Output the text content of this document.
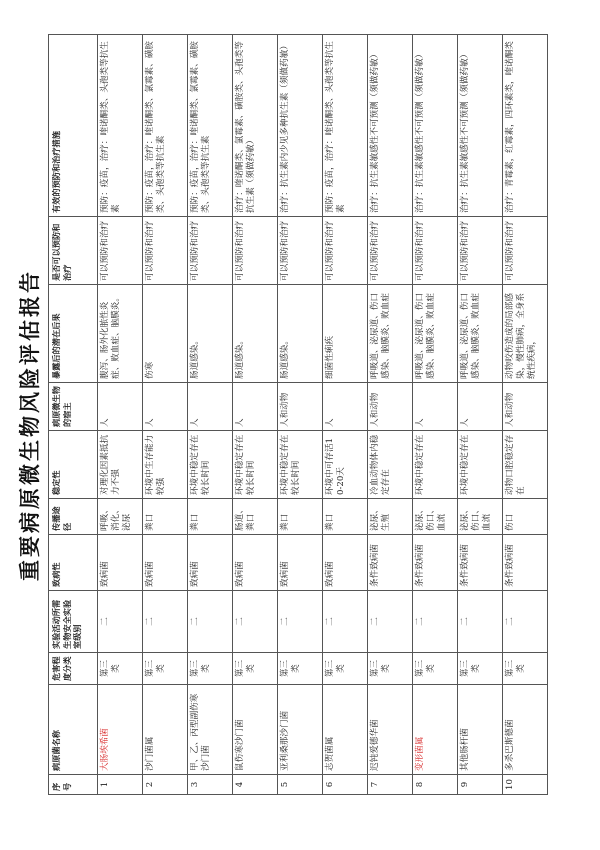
重要病原微生物风险评估报告
序号	病原菌名称	危害程度分类	实验活动所需生物安全实验室级别	致病性	传播途径	稳定性	病原微生物的宿主	暴露后的潜在后果	是否可以预防和治疗	有效的预防和治疗措施
1	大肠埃希菌	第三类	二	致病菌	呼吸、消化、泌尿	对理化因素抵抗力不强	人	腹泻、肠外化脓性炎症、败血症、脑膜炎。	可以预防和治疗	预防：疫苗，治疗：喹诺酮类、头孢类等抗生素
2	沙门菌属	第三类	二	致病菌	粪口	环境中生存能力较强	人	伤寒	可以预防和治疗	预防：疫苗，治疗：喹诺酮类、氯霉素、磺胺类、头孢类等抗生素
3	甲、乙、丙型副伤寒沙门菌	第三类	二	致病菌	粪口	环境中稳定存在较长时间	人	肠道感染。	可以预防和治疗	预防：疫苗，治疗：喹诺酮类、氯霉素、磺胺类、头孢类等抗生素
4	鼠伤寒沙门菌	第三类	二	致病菌	肠道、粪口	环境中稳定存在较长时间	人	肠道感染。	可以预防和治疗	治疗：喹诺酮类、氯霉素、磺胺类、头孢类等抗生素（须做药敏）
5	亚利桑那沙门菌	第三类	二	致病菌	粪口	环境中稳定存在较长时间	人和动物	肠道感染。	可以预防和治疗	治疗：抗生素内少见多种抗生素（须做药敏）
6	志贺菌属	第三类	二	致病菌	粪口	环境中可存活10-20天	人	细菌性痢疾	可以预防和治疗	预防：疫苗，治疗：喹诺酮类、头孢类等抗生素
7	迟钝爱德华菌	第三类	二	条件致病菌	泌尿、生殖	冷血动物体内稳定存在	人和动物	呼吸道、泌尿道、伤口感染、脑膜炎、败血症	可以预防和治疗	治疗：抗生素敏感性不可预测（须做药敏）
8	变形菌属	第三类	二	条件致病菌	泌尿、伤口、血流	环境中稳定存在	人	呼吸道、泌尿道、伤口感染、脑膜炎、败血症	可以预防和治疗	治疗：抗生素敏感性不可预测（须做药敏）
9	其他肠杆菌	第三类	二	条件致病菌	泌尿、伤口、血流	环境中稳定存在	人	呼吸道、泌尿道、伤口感染、脑膜炎、败血症	可以预防和治疗	治疗：抗生素敏感性不可预测（须做药敏）
10	多杀巴斯德菌	第三类	二	条件致病菌	伤口	动物口腔稳定存在	人和动物	动物咬伤造成的局部感染，慢性肺病，全身系统性疾病，	可以预防和治疗	治疗：青霉素，红霉素，四环素类，喹诺酮类
